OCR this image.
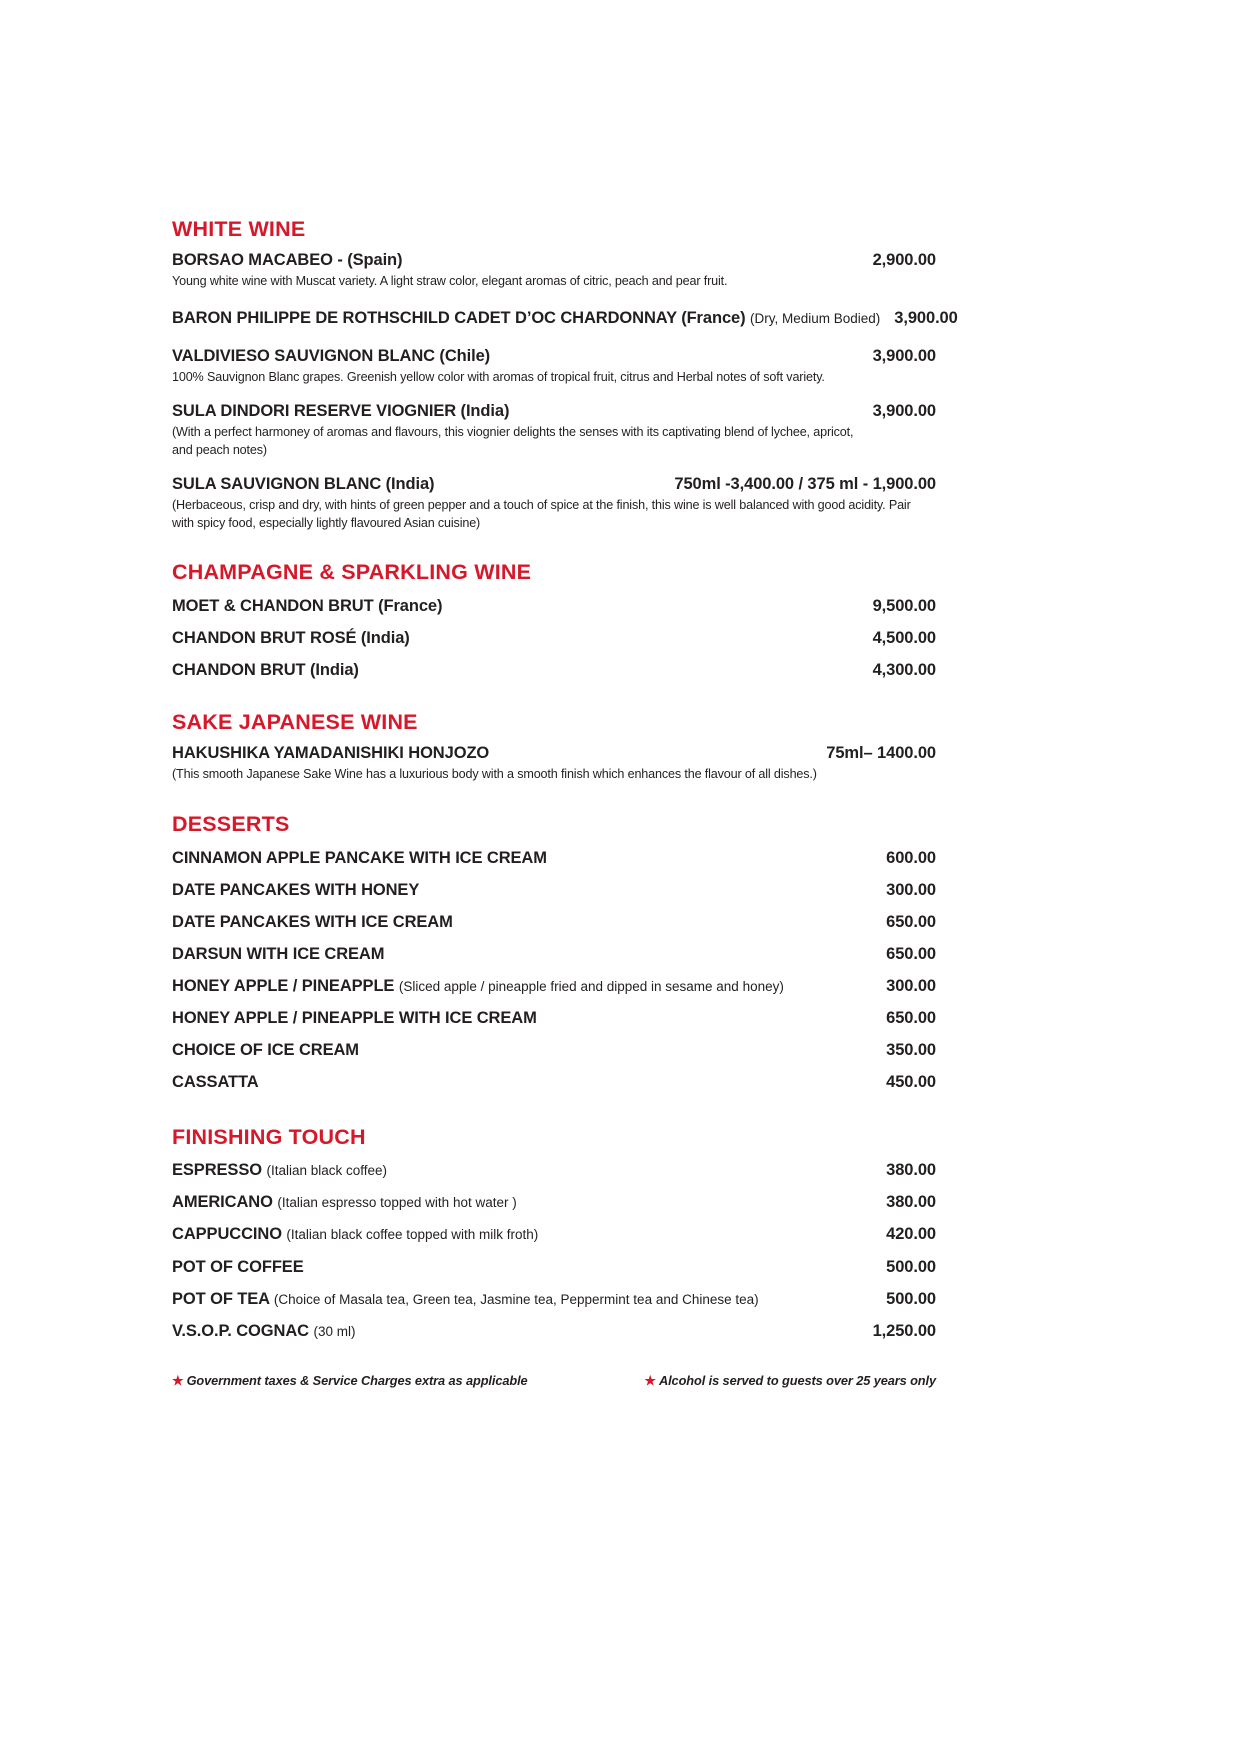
WHITE WINE
BORSAO MACABEO - (Spain)	2,900.00
Young white wine with Muscat variety. A light straw color, elegant aromas of citric, peach and pear fruit.
BARON PHILIPPE DE ROTHSCHILD CADET D’OC CHARDONNAY (France) (Dry, Medium Bodied) 3,900.00
VALDIVIESO SAUVIGNON BLANC (Chile)	3,900.00
100% Sauvignon Blanc grapes. Greenish yellow color with aromas of tropical fruit, citrus and Herbal notes of soft variety.
SULA DINDORI RESERVE VIOGNIER (India)	3,900.00
(With a perfect harmoney of aromas and flavours, this viognier delights the senses with its captivating blend of lychee, apricot, and peach notes)
SULA SAUVIGNON BLANC (India)	750ml -3,400.00 / 375 ml - 1,900.00
(Herbaceous, crisp and dry, with hints of green pepper and a touch of spice at the finish, this wine is well balanced with good acidity. Pair with spicy food, especially lightly flavoured Asian cuisine)
CHAMPAGNE & SPARKLING WINE
MOET & CHANDON BRUT (France)	9,500.00
CHANDON BRUT ROSÉ (India)	4,500.00
CHANDON BRUT (India)	4,300.00
SAKE JAPANESE WINE
HAKUSHIKA YAMADANISHIKI HONJOZO	75ml– 1400.00
(This smooth Japanese Sake Wine has a luxurious body with a smooth finish which enhances the flavour of all dishes.)
DESSERTS
CINNAMON APPLE PANCAKE WITH ICE CREAM	600.00
DATE PANCAKES WITH HONEY	300.00
DATE PANCAKES WITH ICE CREAM	650.00
DARSUN WITH ICE CREAM	650.00
HONEY APPLE / PINEAPPLE (Sliced apple / pineapple fried and dipped in sesame and honey)	300.00
HONEY APPLE / PINEAPPLE WITH ICE CREAM	650.00
CHOICE OF ICE CREAM	350.00
CASSATTA	450.00
FINISHING TOUCH
ESPRESSO (Italian black coffee)	380.00
AMERICANO (Italian espresso topped with hot water )	380.00
CAPPUCCINO (Italian black coffee topped with milk froth)	420.00
POT OF COFFEE	500.00
POT OF TEA (Choice of Masala tea, Green tea, Jasmine tea, Peppermint tea and Chinese tea)	500.00
V.S.O.P. COGNAC (30 ml)	1,250.00
★ Government taxes & Service Charges extra as applicable	★ Alcohol is served to guests over 25 years only
